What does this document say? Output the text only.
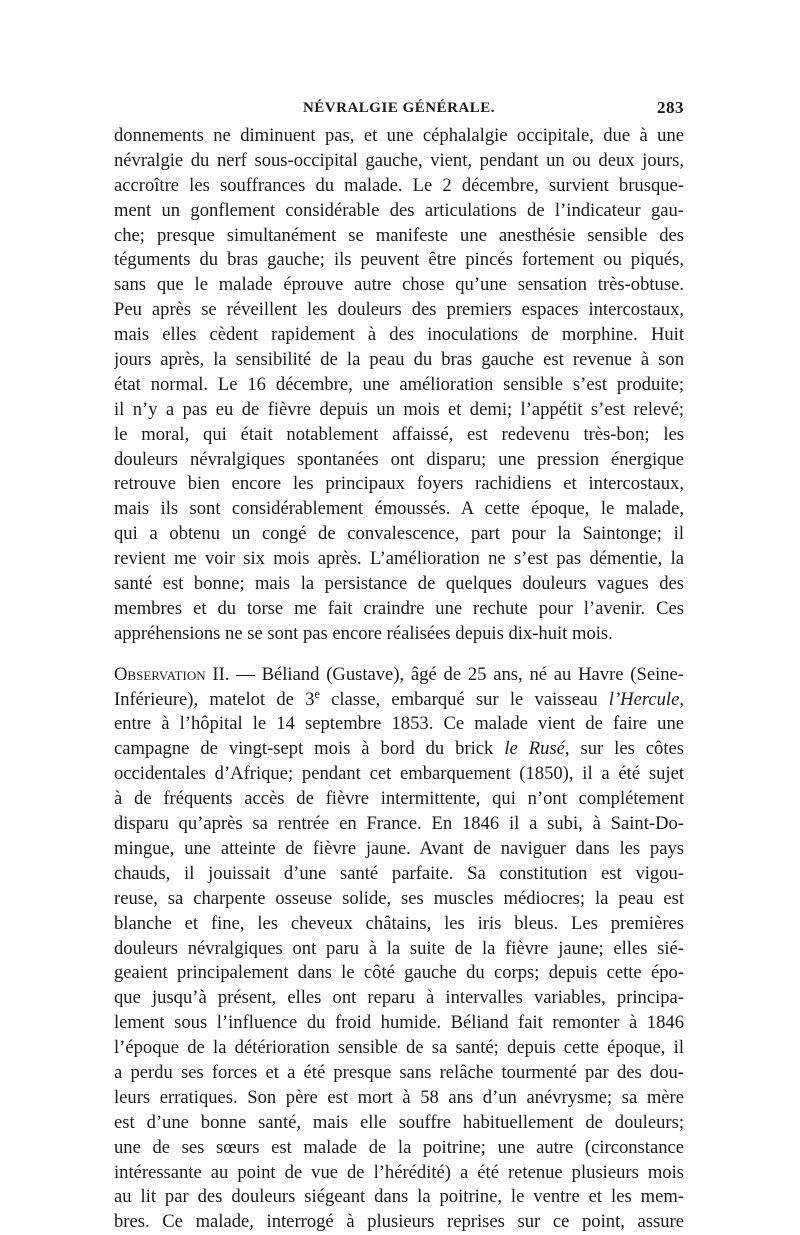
NÉVRALGIE GÉNÉRALE.	283
donnements ne diminuent pas, et une céphalalgie occipitale, due à une
névralgie du nerf sous-occipital gauche, vient, pendant un ou deux jours,
accroître les souffrances du malade. Le 2 décembre, survient brusque-
ment un gonflement considérable des articulations de l’indicateur gau-
che; presque simultanément se manifeste une anesthésie sensible des
téguments du bras gauche; ils peuvent être pincés fortement ou piqués,
sans que le malade éprouve autre chose qu’une sensation très-obtuse.
Peu après se réveillent les douleurs des premiers espaces intercostaux,
mais elles cèdent rapidement à des inoculations de morphine. Huit
jours après, la sensibilité de la peau du bras gauche est revenue à son
état normal. Le 16 décembre, une amélioration sensible s’est produite;
il n’y a pas eu de fièvre depuis un mois et demi; l’appétit s’est relevé;
le moral, qui était notablement affaissé, est redevenu très-bon; les
douleurs névralgiques spontanées ont disparu; une pression énergique
retrouve bien encore les principaux foyers rachidiens et intercostaux,
mais ils sont considérablement émoussés. A cette époque, le malade,
qui a obtenu un congé de convalescence, part pour la Saintonge; il
revient me voir six mois après. L’amélioration ne s’est pas démentie, la
santé est bonne; mais la persistance de quelques douleurs vagues des
membres et du torse me fait craindre une rechute pour l’avenir. Ces
appréhensions ne se sont pas encore réalisées depuis dix-huit mois.
Observation II. — Béliand (Gustave), âgé de 25 ans, né au Havre (Seine-
Inférieure), matelot de 3e classe, embarqué sur le vaisseau l’Hercule,
entre à l’hôpital le 14 septembre 1853. Ce malade vient de faire une
campagne de vingt-sept mois à bord du brick le Rusé, sur les côtes
occidentales d’Afrique; pendant cet embarquement (1850), il a été sujet
à de fréquents accès de fièvre intermittente, qui n’ont complétement
disparu qu’après sa rentrée en France. En 1846 il a subi, à Saint-Do-
mingue, une atteinte de fièvre jaune. Avant de naviguer dans les pays
chauds, il jouissait d’une santé parfaite. Sa constitution est vigou-
reuse, sa charpente osseuse solide, ses muscles médiocres; la peau est
blanche et fine, les cheveux châtains, les iris bleus. Les premières
douleurs névralgiques ont paru à la suite de la fièvre jaune; elles sié-
geaient principalement dans le côté gauche du corps; depuis cette épo-
que jusqu’à présent, elles ont reparu à intervalles variables, principa-
lement sous l’influence du froid humide. Béliand fait remonter à 1846
l’époque de la détérioration sensible de sa santé; depuis cette époque, il
a perdu ses forces et a été presque sans relâche tourmenté par des dou-
leurs erratiques. Son père est mort à 58 ans d’un anévrysme; sa mère
est d’une bonne santé, mais elle souffre habituellement de douleurs;
une de ses sœurs est malade de la poitrine; une autre (circonstance
intéressante au point de vue de l’hérédité) a été retenue plusieurs mois
au lit par des douleurs siégeant dans la poitrine, le ventre et les mem-
bres. Ce malade, interrogé à plusieurs reprises sur ce point, assure
